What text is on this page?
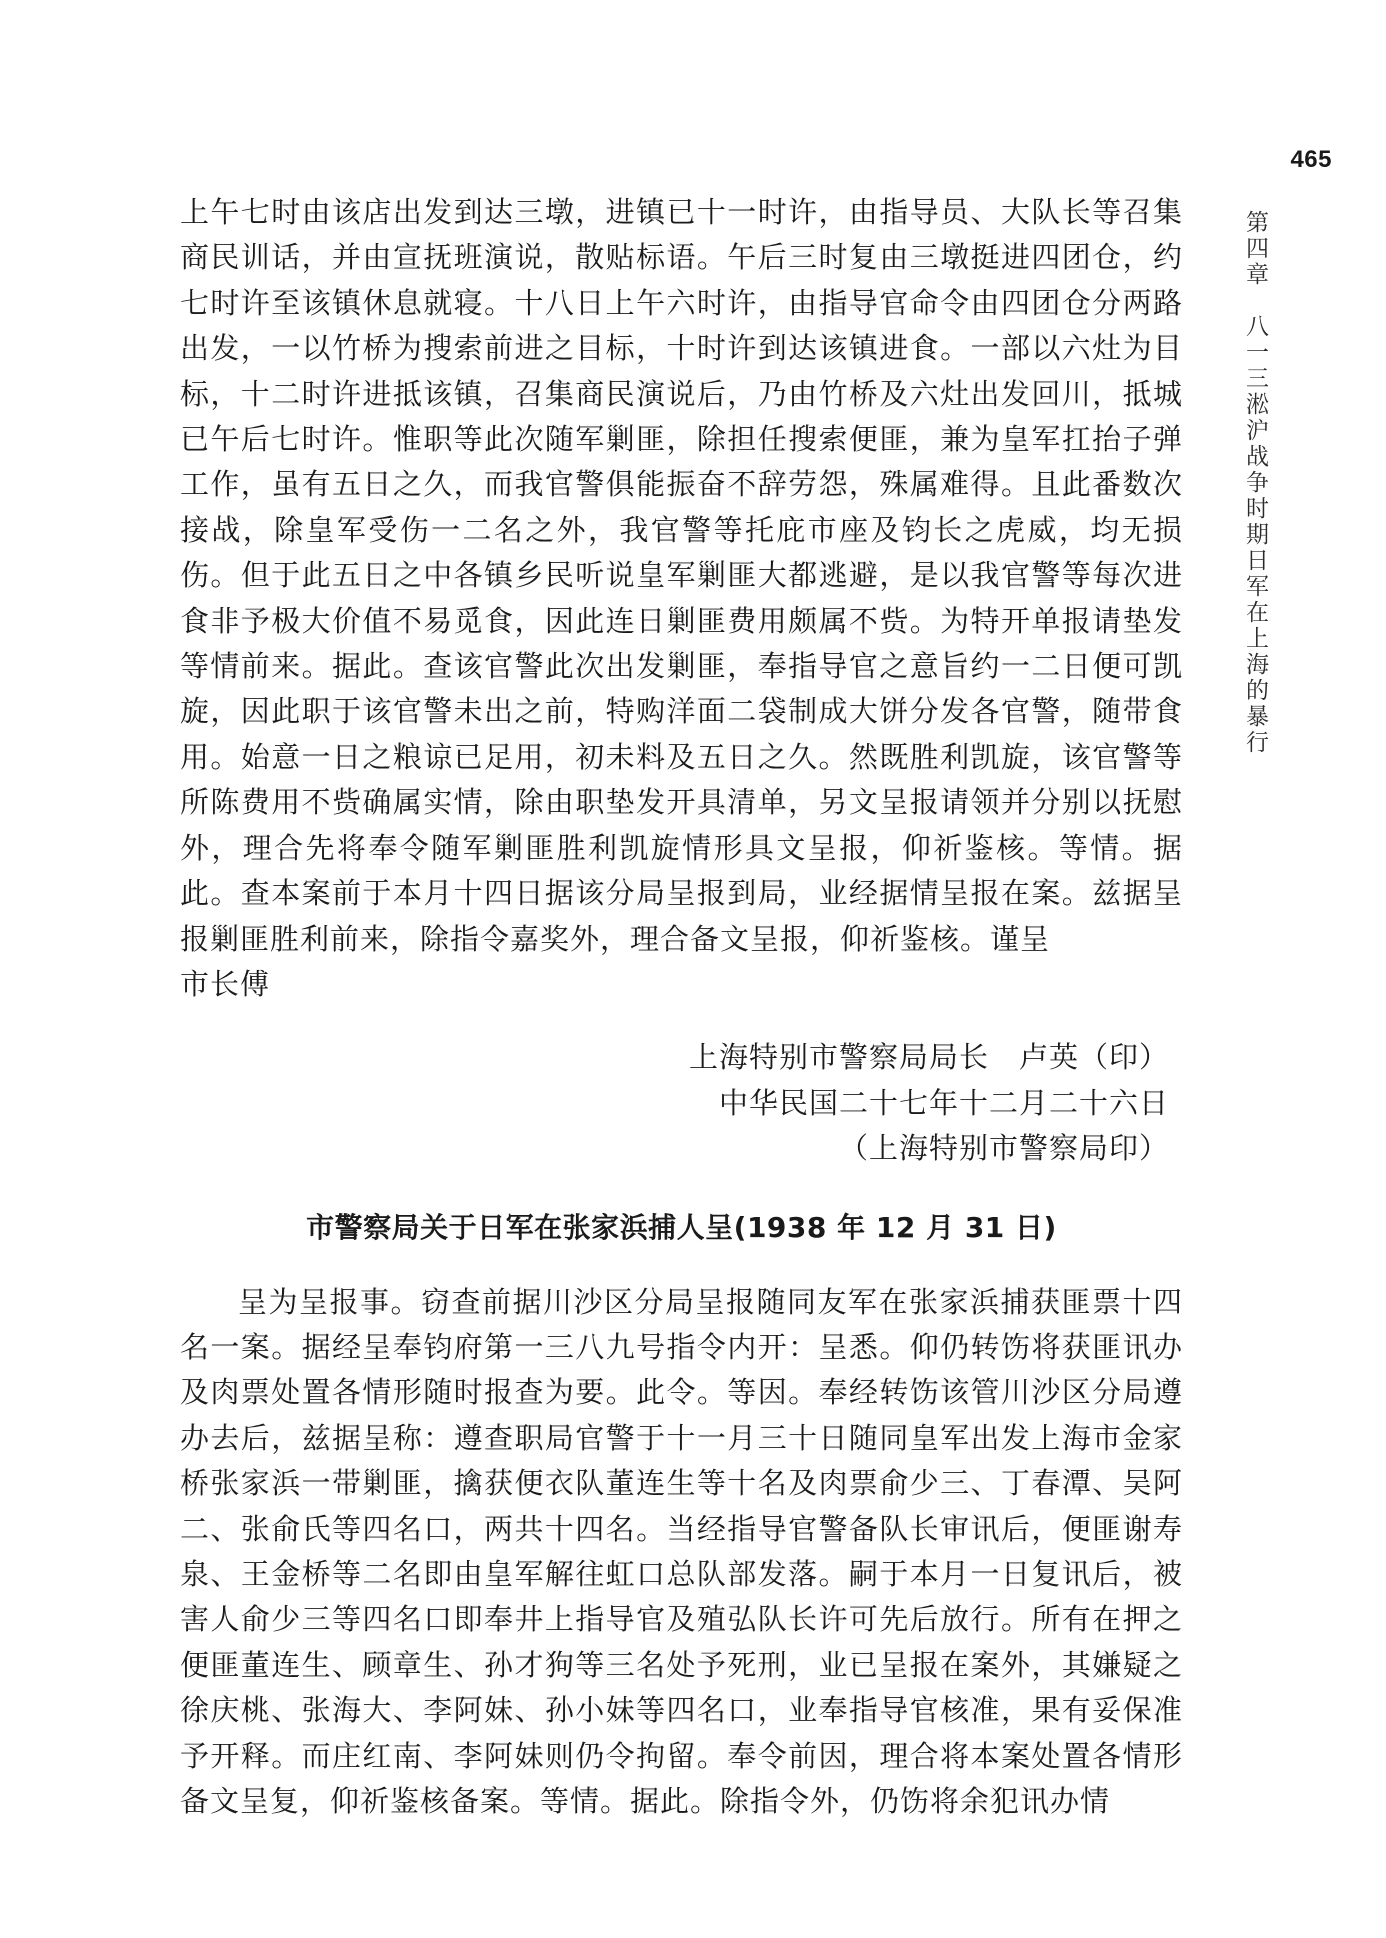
465
第四章八一三淞沪战争时期日军在上海的暴行

上午七时由该店出发到达三墩，进镇已十一时许，由指导员、大队长等召集商民训话，并由宣抚班演说，散贴标语。午后三时复由三墩挺进四团仓，约七时许至该镇休息就寝。十八日上午六时许，由指导官命令由四团仓分两路出发，一以竹桥为搜索前进之目标，十时许到达该镇进食。一部以六灶为目标，十二时许进抵该镇，召集商民演说后，乃由竹桥及六灶出发回川，抵城已午后七时许。惟职等此次随军剿匪，除担任搜索便匪，兼为皇军扛抬子弹工作，虽有五日之久，而我官警俱能振奋不辞劳怨，殊属难得。且此番数次接战，除皇军受伤一二名之外，我官警等托庇市座及钧长之虎威，均无损伤。但于此五日之中各镇乡民听说皇军剿匪大都逃避，是以我官警等每次进食非予极大价值不易觅食，因此连日剿匪费用颇属不赀。为特开单报请垫发等情前来。据此。查该官警此次出发剿匪，奉指导官之意旨约一二日便可凯旋，因此职于该官警未出之前，特购洋面二袋制成大饼分发各官警，随带食用。始意一日之粮谅已足用，初未料及五日之久。然既胜利凯旋，该官警等所陈费用不赀确属实情，除由职垫发开具清单，另文呈报请领并分别以抚慰外，理合先将奉令随军剿匪胜利凯旋情形具文呈报，仰祈鉴核。等情。据此。查本案前于本月十四日据该分局呈报到局，业经据情呈报在案。兹据呈报剿匪胜利前来，除指令嘉奖外，理合备文呈报，仰祈鉴核。谨呈

市长傅

上海特别市警察局局长　卢英（印）
中华民国二十七年十二月二十六日
（上海特别市警察局印）
市警察局关于日军在张家浜捕人呈(1938 年 12 月 31 日)

呈为呈报事。窃查前据川沙区分局呈报随同友军在张家浜捕获匪票十四名一案。据经呈奉钧府第一三八九号指令内开：呈悉。仰仍转饬将获匪讯办及肉票处置各情形随时报查为要。此令。等因。奉经转饬该管川沙区分局遵办去后，兹据呈称：遵查职局官警于十一月三十日随同皇军出发上海市金家桥张家浜一带剿匪，擒获便衣队董连生等十名及肉票俞少三、丁春潭、吴阿二、张俞氏等四名口，两共十四名。当经指导官警备队长审讯后，便匪谢寿泉、王金桥等二名即由皇军解往虹口总队部发落。嗣于本月一日复讯后，被害人俞少三等四名口即奉井上指导官及殖弘队长许可先后放行。所有在押之便匪董连生、顾章生、孙才狗等三名处予死刑，业已呈报在案外，其嫌疑之徐庆桃、张海大、李阿妹、孙小妹等四名口，业奉指导官核准，果有妥保准予开释。而庄红南、李阿妹则仍令拘留。奉令前因，理合将本案处置各情形备文呈复，仰祈鉴核备案。等情。据此。除指令外，仍饬将余犯讯办情
